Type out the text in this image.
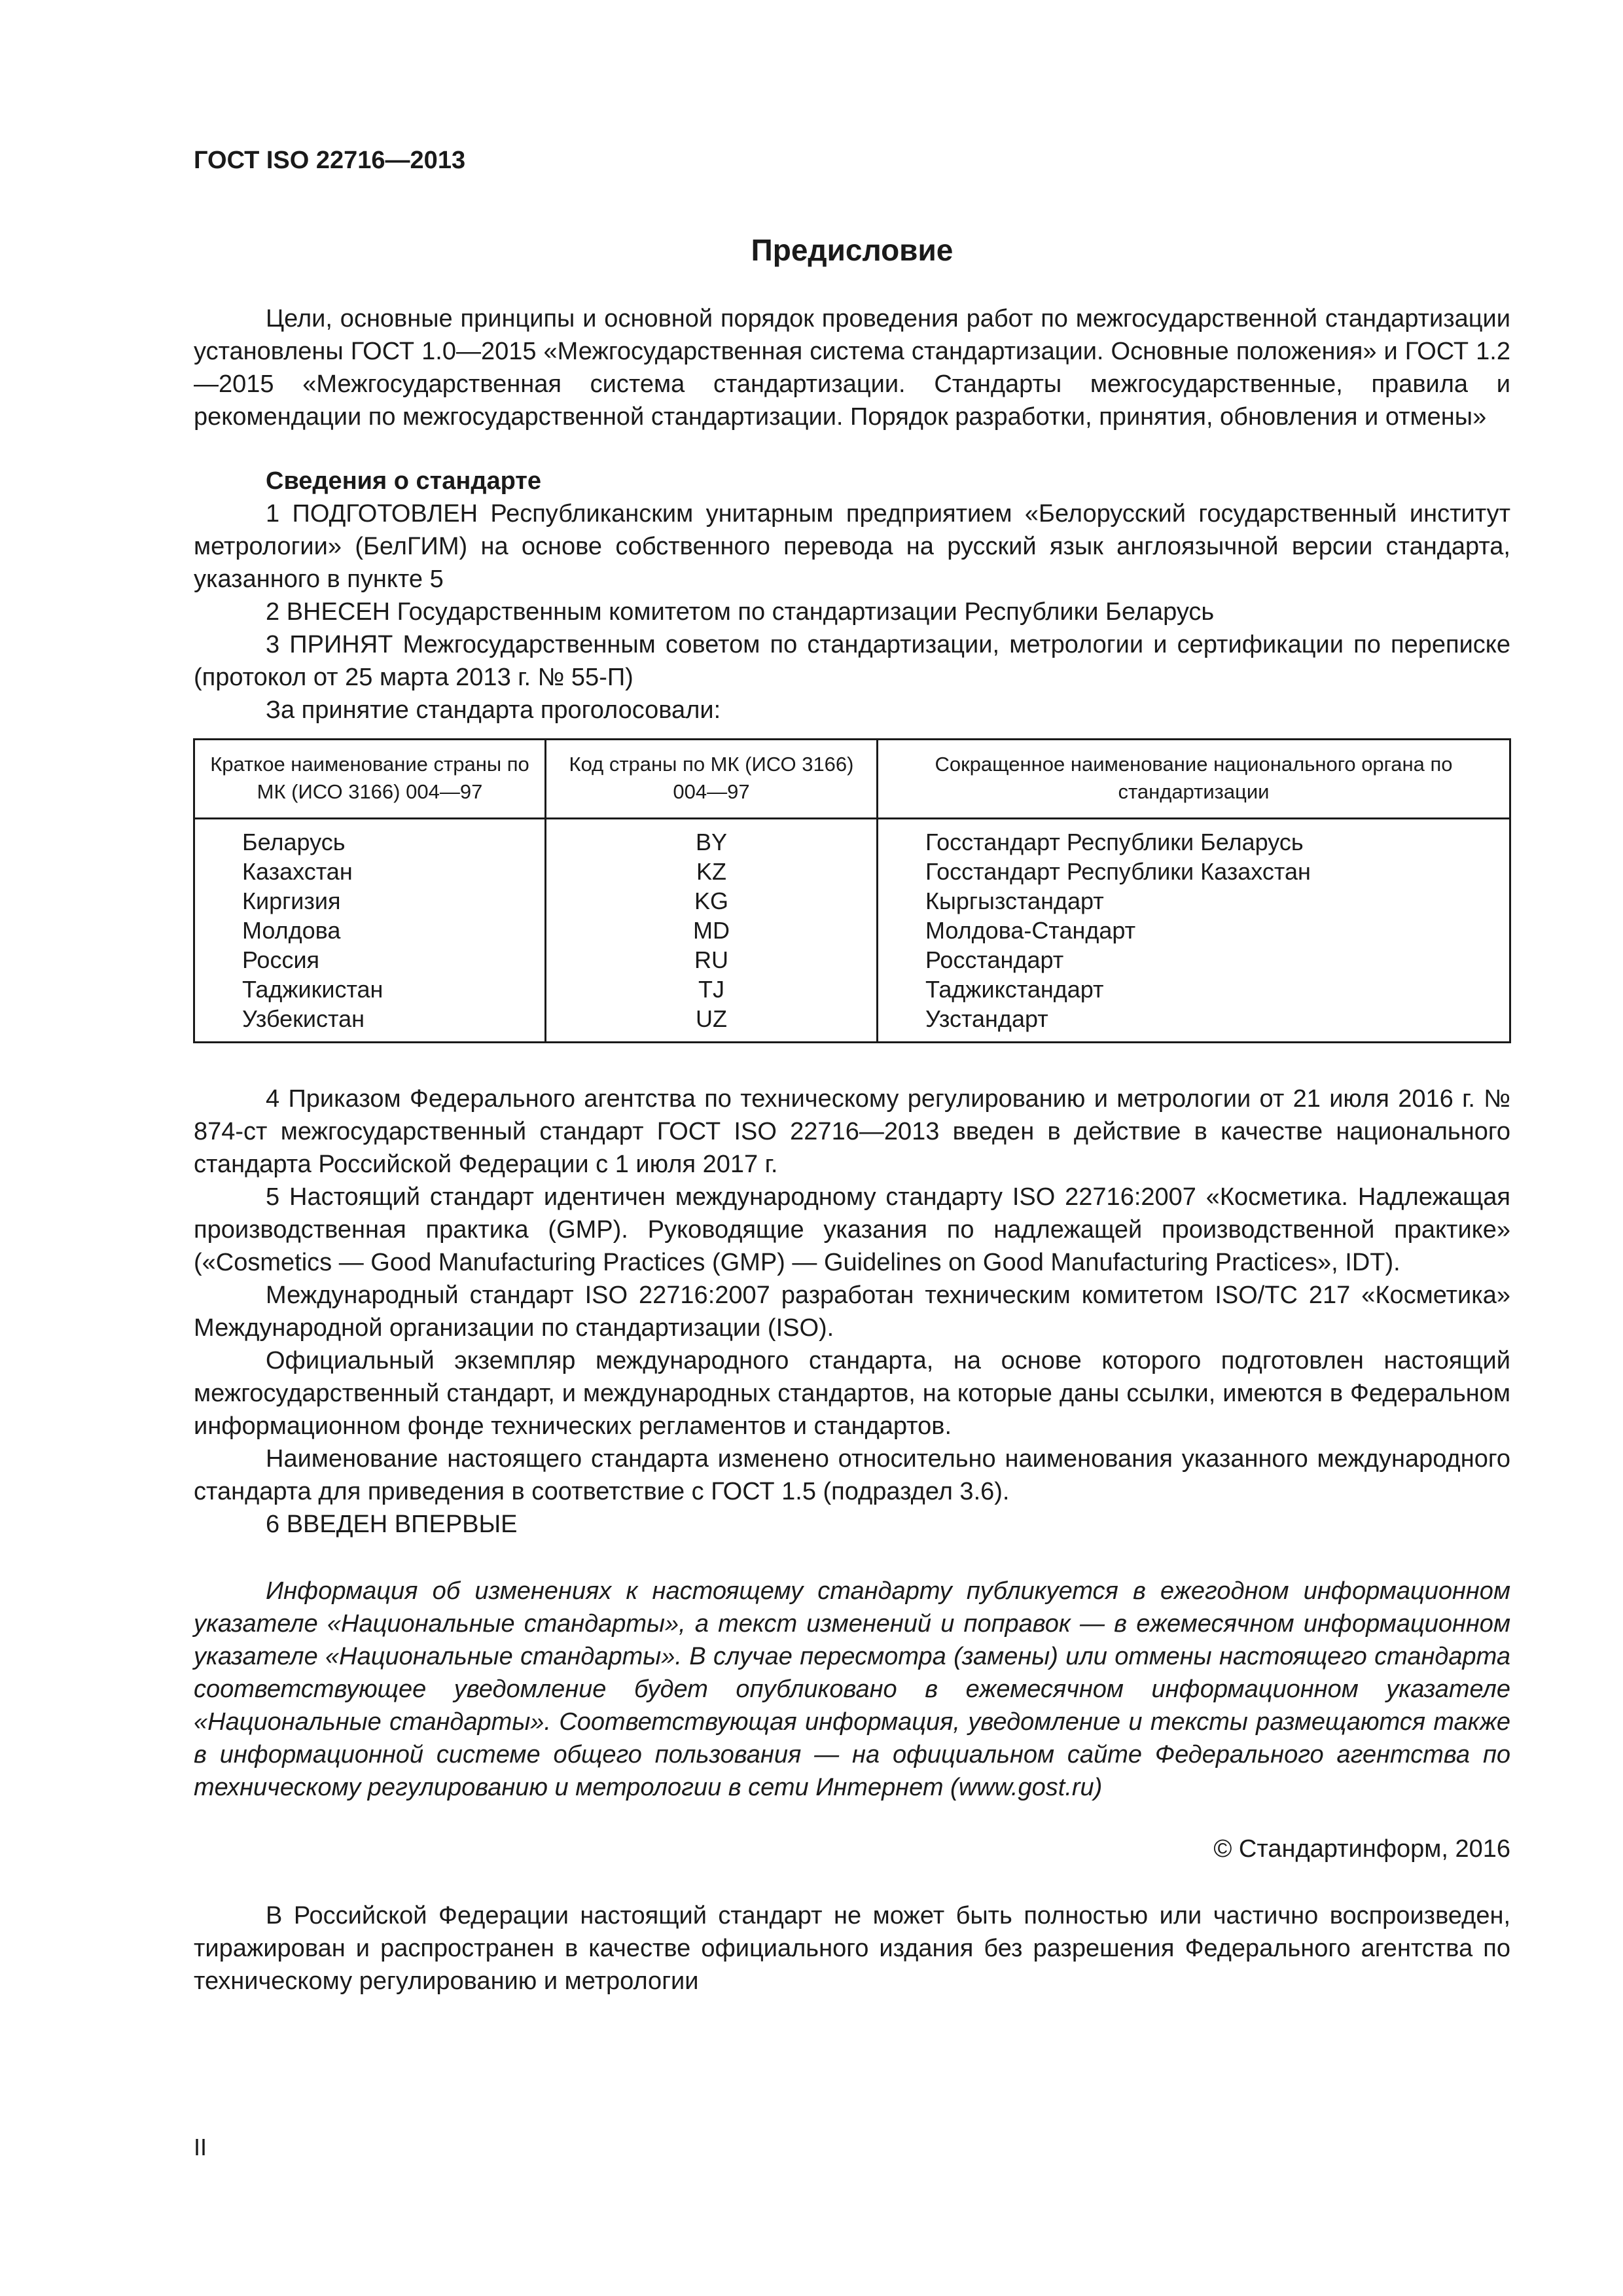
ГОСТ ISO 22716—2013

Предисловие

Цели, основные принципы и основной порядок проведения работ по межгосударственной стандартизации установлены ГОСТ 1.0—2015 «Межгосударственная система стандартизации. Основные положения» и ГОСТ 1.2—2015 «Межгосударственная система стандартизации. Стандарты межгосударственные, правила и рекомендации по межгосударственной стандартизации. Порядок разработки, принятия, обновления и отмены»

Сведения о стандарте

1 ПОДГОТОВЛЕН Республиканским унитарным предприятием «Белорусский государственный институт метрологии» (БелГИМ) на основе собственного перевода на русский язык англоязычной версии стандарта, указанного в пункте 5

2 ВНЕСЕН Государственным комитетом по стандартизации Республики Беларусь

3 ПРИНЯТ Межгосударственным советом по стандартизации, метрологии и сертификации по переписке (протокол от 25 марта 2013 г. № 55-П)

За принятие стандарта проголосовали:

Краткое наименование страны по МК (ИСО 3166) 004—97	Код страны по МК (ИСО 3166) 004—97	Сокращенное наименование национального органа по стандартизации
Беларусь	BY	Госстандарт Республики Беларусь
Казахстан	KZ	Госстандарт Республики Казахстан
Киргизия	KG	Кыргызстандарт
Молдова	MD	Молдова-Стандарт
Россия	RU	Росстандарт
Таджикистан	TJ	Таджикстандарт
Узбекистан	UZ	Узстандарт

4 Приказом Федерального агентства по техническому регулированию и метрологии от 21 июля 2016 г. № 874-ст межгосударственный стандарт ГОСТ ISO 22716—2013 введен в действие в качестве национального стандарта Российской Федерации с 1 июля 2017 г.

5 Настоящий стандарт идентичен международному стандарту ISO 22716:2007 «Косметика. Надлежащая производственная практика (GMP). Руководящие указания по надлежащей производственной практике» («Cosmetics — Good Manufacturing Practices (GMP) — Guidelines on Good Manufacturing Practices», IDT).

Международный стандарт ISO 22716:2007 разработан техническим комитетом ISO/TC 217 «Косметика» Международной организации по стандартизации (ISO).

Официальный экземпляр международного стандарта, на основе которого подготовлен настоящий межгосударственный стандарт, и международных стандартов, на которые даны ссылки, имеются в Федеральном информационном фонде технических регламентов и стандартов.

Наименование настоящего стандарта изменено относительно наименования указанного международного стандарта для приведения в соответствие с ГОСТ 1.5 (подраздел 3.6).

6 ВВЕДЕН ВПЕРВЫЕ

Информация об изменениях к настоящему стандарту публикуется в ежегодном информационном указателе «Национальные стандарты», а текст изменений и поправок — в ежемесячном информационном указателе «Национальные стандарты». В случае пересмотра (замены) или отмены настоящего стандарта соответствующее уведомление будет опубликовано в ежемесячном информационном указателе «Национальные стандарты». Соответствующая информация, уведомление и тексты размещаются также в информационной системе общего пользования — на официальном сайте Федерального агентства по техническому регулированию и метрологии в сети Интернет (www.gost.ru)

© Стандартинформ, 2016

В Российской Федерации настоящий стандарт не может быть полностью или частично воспроизведен, тиражирован и распространен в качестве официального издания без разрешения Федерального агентства по техническому регулированию и метрологии

II
